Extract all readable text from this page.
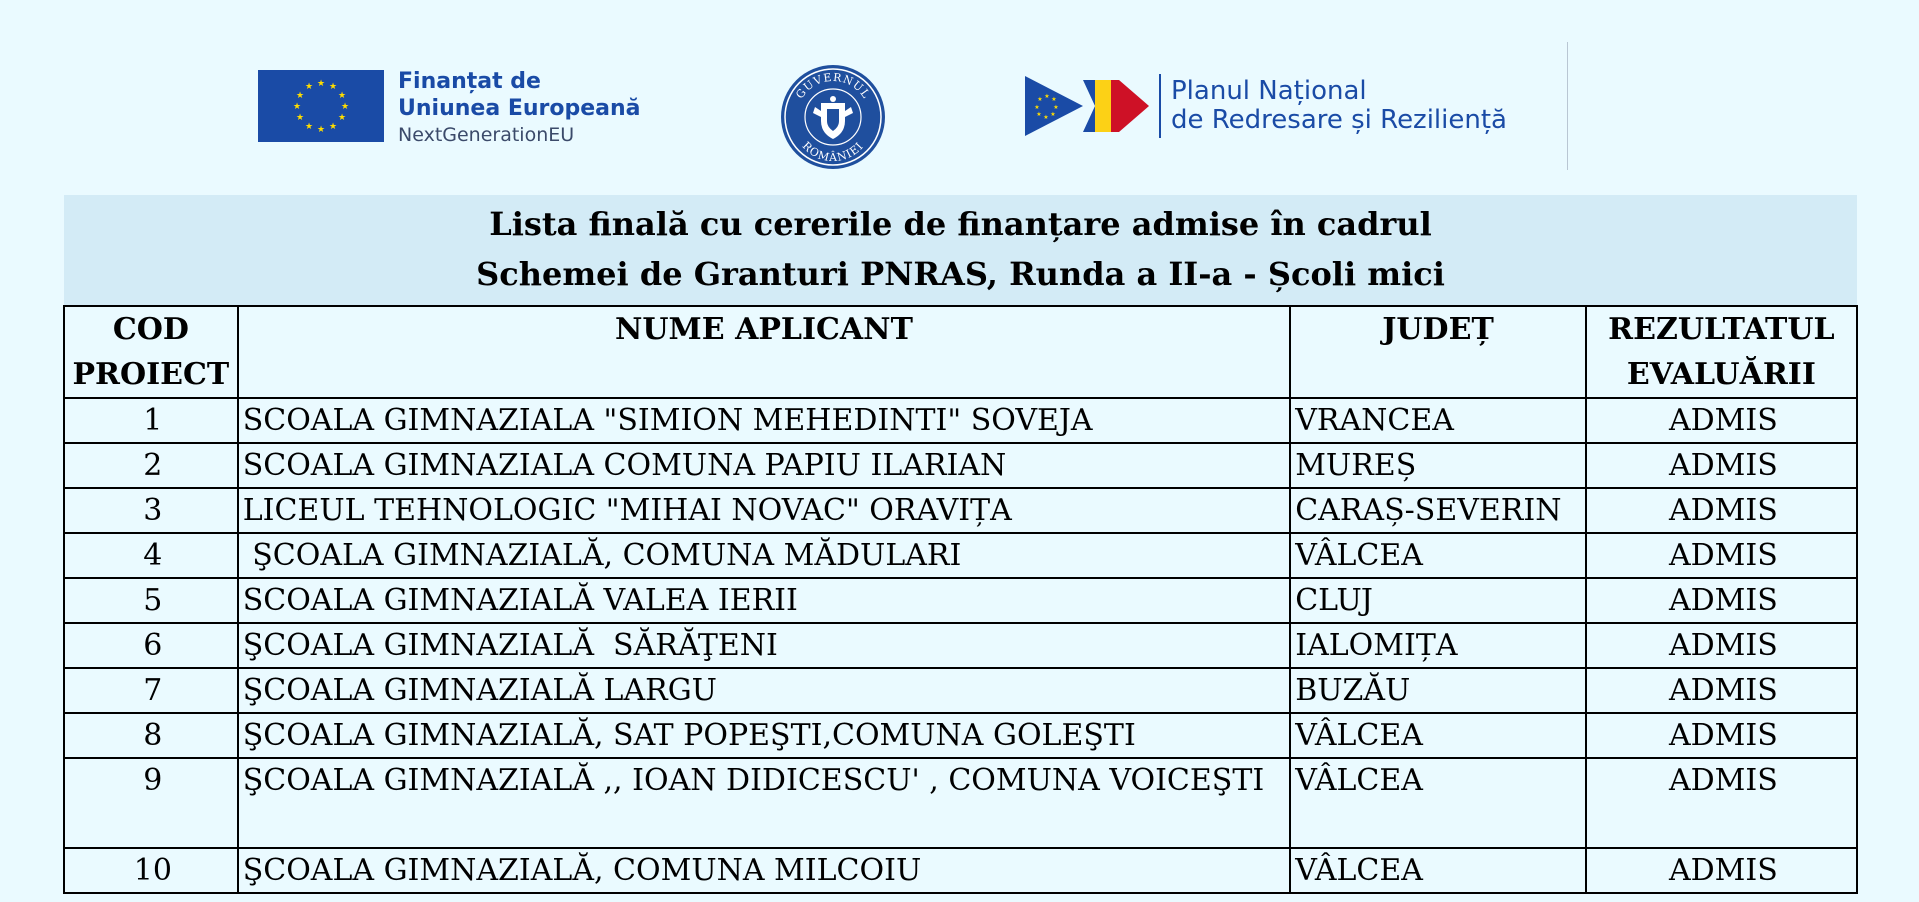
★ ★
★
★
★
★
★
★
★
★
★
★	Finanțat de
Uniunea Europeană
NextGenerationEU
GUVERNUL
ROMÂNIEI
★ ★
★
★
★
★
★
★	Planul Național
de Redresare și Reziliență
Lista finală cu cererile de finanțare admise în cadrul
Schemei de Granturi PNRAS, Runda a II-a - Școli mici
COD
PROIECT	NUME APLICANT	JUDEȚ	REZULTATUL
EVALUĂRII
1	SCOALA GIMNAZIALA "SIMION MEHEDINTI" SOVEJA	VRANCEA	ADMIS
2	SCOALA GIMNAZIALA COMUNA PAPIU ILARIAN	MUREȘ	ADMIS
3	LICEUL TEHNOLOGIC "MIHAI NOVAC" ORAVIȚA	CARAȘ-SEVERIN	ADMIS
4	ŞCOALA GIMNAZIALĂ, COMUNA MĂDULARI	VÂLCEA	ADMIS
5	SCOALA GIMNAZIALĂ VALEA IERII	CLUJ	ADMIS
6	ŞCOALA GIMNAZIALĂ  SĂRĂŢENI	IALOMIȚA	ADMIS
7	ŞCOALA GIMNAZIALĂ LARGU	BUZĂU	ADMIS
8	ŞCOALA GIMNAZIALĂ, SAT POPEŞTI,COMUNA GOLEŞTI	VÂLCEA	ADMIS
9	ŞCOALA GIMNAZIALĂ ,, IOAN DIDICESCU' , COMUNA VOICEŞTI	VÂLCEA	ADMIS
10	ŞCOALA GIMNAZIALĂ, COMUNA MILCOIU	VÂLCEA	ADMIS
